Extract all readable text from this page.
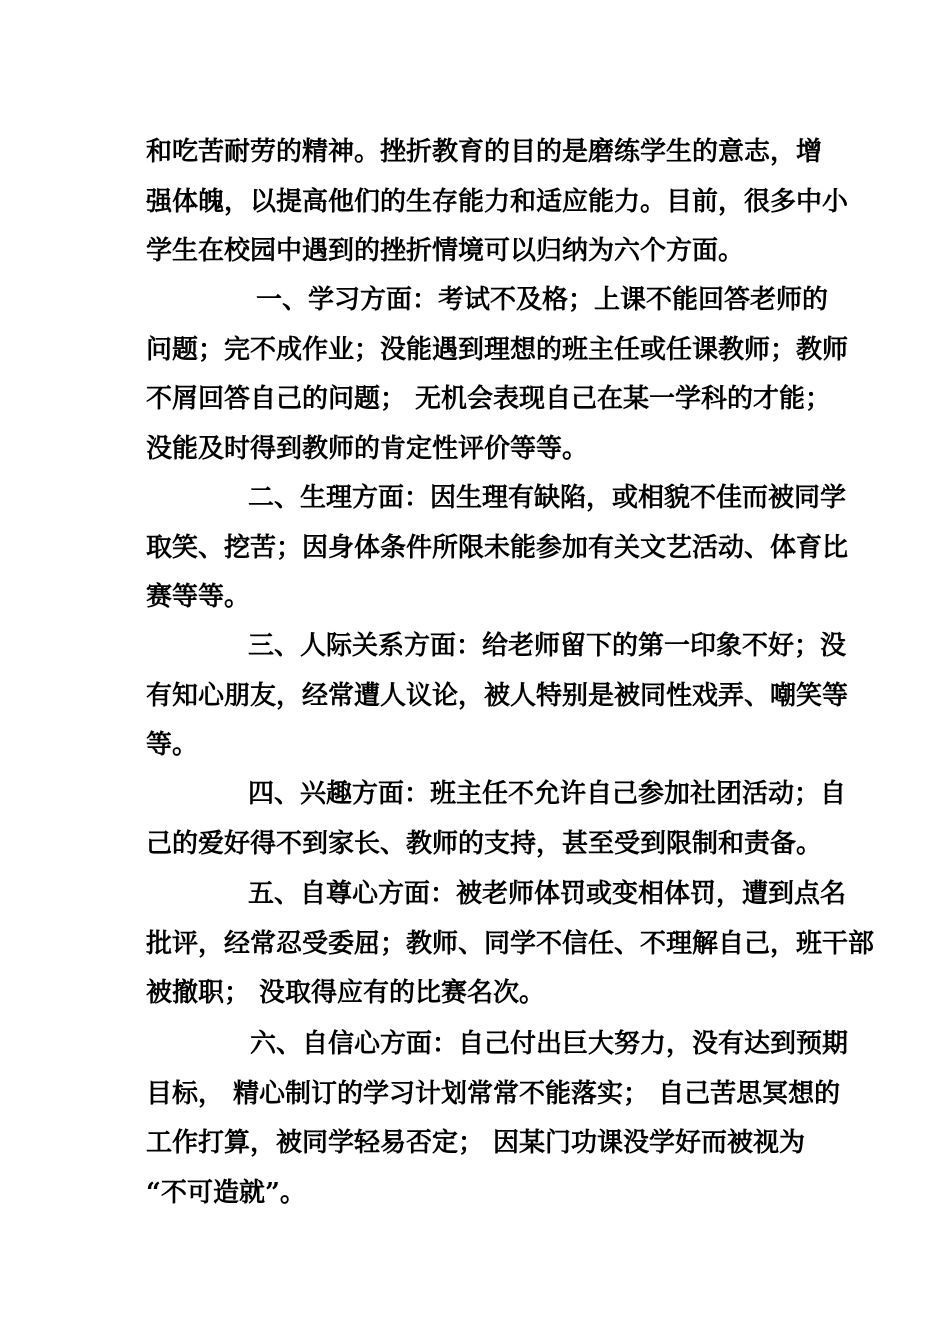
和吃苦耐劳的精神。挫折教育的目的是磨练学生的意志，增
强体魄，以提高他们的生存能力和适应能力。目前，很多中小
学生在校园中遇到的挫折情境可以归纳为六个方面。
一、学习方面：考试不及格；上课不能回答老师的
问题；完不成作业；没能遇到理想的班主任或任课教师；教师
不屑回答自己的问题； 无机会表现自己在某一学科的才能；
没能及时得到教师的肯定性评价等等。
二、生理方面：因生理有缺陷，或相貌不佳而被同学
取笑、挖苦；因身体条件所限未能参加有关文艺活动、体育比
赛等等。
三、人际关系方面：给老师留下的第一印象不好；没
有知心朋友，经常遭人议论，被人特别是被同性戏弄、嘲笑等
等。
四、兴趣方面：班主任不允许自己参加社团活动；自
己的爱好得不到家长、教师的支持，甚至受到限制和责备。
五、自尊心方面：被老师体罚或变相体罚，遭到点名
批评，经常忍受委屈；教师、同学不信任、不理解自己，班干部
被撤职； 没取得应有的比赛名次。
六、自信心方面：自己付出巨大努力，没有达到预期
目标， 精心制订的学习计划常常不能落实； 自己苦思冥想的
工作打算，被同学轻易否定； 因某门功课没学好而被视为
“不可造就”。
